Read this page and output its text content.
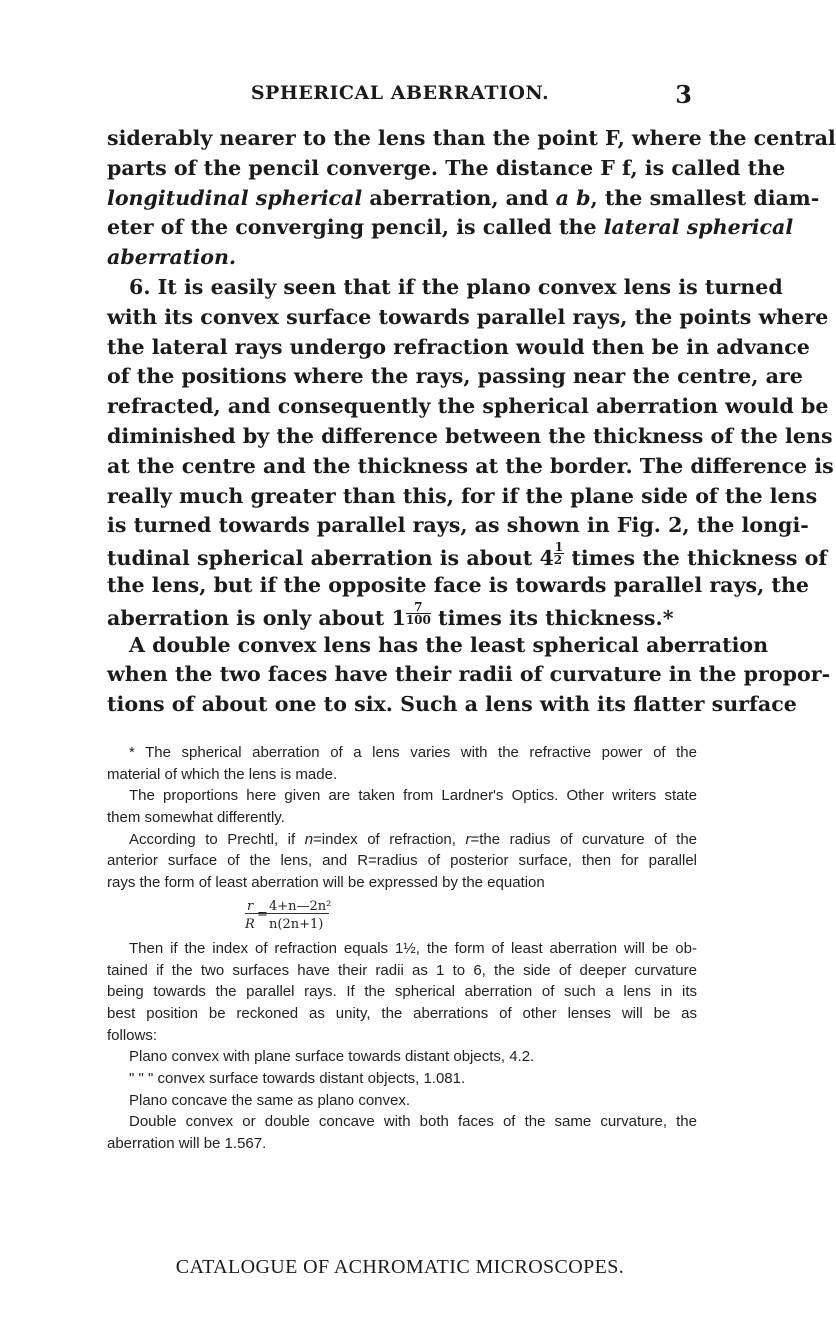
SPHERICAL ABERRATION.	3
siderably nearer to the lens than the point F, where the central
parts of the pencil converge. The distance F f, is called the
longitudinal spherical aberration, and a b, the smallest diam-
eter of the converging pencil, is called the lateral spherical
aberration.
6. It is easily seen that if the plano convex lens is turned
with its convex surface towards parallel rays, the points where
the lateral rays undergo refraction would then be in advance
of the positions where the rays, passing near the centre, are
refracted, and consequently the spherical aberration would be
diminished by the difference between the thickness of the lens
at the centre and the thickness at the border. The difference is
really much greater than this, for if the plane side of the lens
is turned towards parallel rays, as shown in Fig. 2, the longi-
tudinal spherical aberration is about $4 \frac{1}{2}$ times the thickness of
the lens, but if the opposite face is towards parallel rays, the
aberration is only about $1 \frac{7}{100}$ times its thickness.*
A double convex lens has the least spherical aberration
when the two faces have their radii of curvature in the propor-
tions of about one to six. Such a lens with its flatter surface
* The spherical aberration of a lens varies with the refractive power of the
material of which the lens is made.
The proportions here given are taken from Lardner's Optics. Other writers state
them somewhat differently.
According to Prechtl, if n=index of refraction, r=the radius of curvature of the
anterior surface of the lens, and R=radius of posterior surface, then for parallel
rays the form of least aberration will be expressed by the equation
r
=
4+n—2n²
R n(2n+1)
Then if the index of refraction equals 1½, the form of least aberration will be ob-
tained if the two surfaces have their radii as 1 to 6, the side of deeper curvature
being towards the parallel rays. If the spherical aberration of such a lens in its
best position be reckoned as unity, the aberrations of other lenses will be as
follows:
Plano convex with plane surface towards distant objects, 4.2.
" " " convex surface towards distant objects, 1.081.
Plano concave the same as plano convex.
Double convex or double concave with both faces of the same curvature, the
aberration will be 1.567.
CATALOGUE OF ACHROMATIC MICROSCOPES.
